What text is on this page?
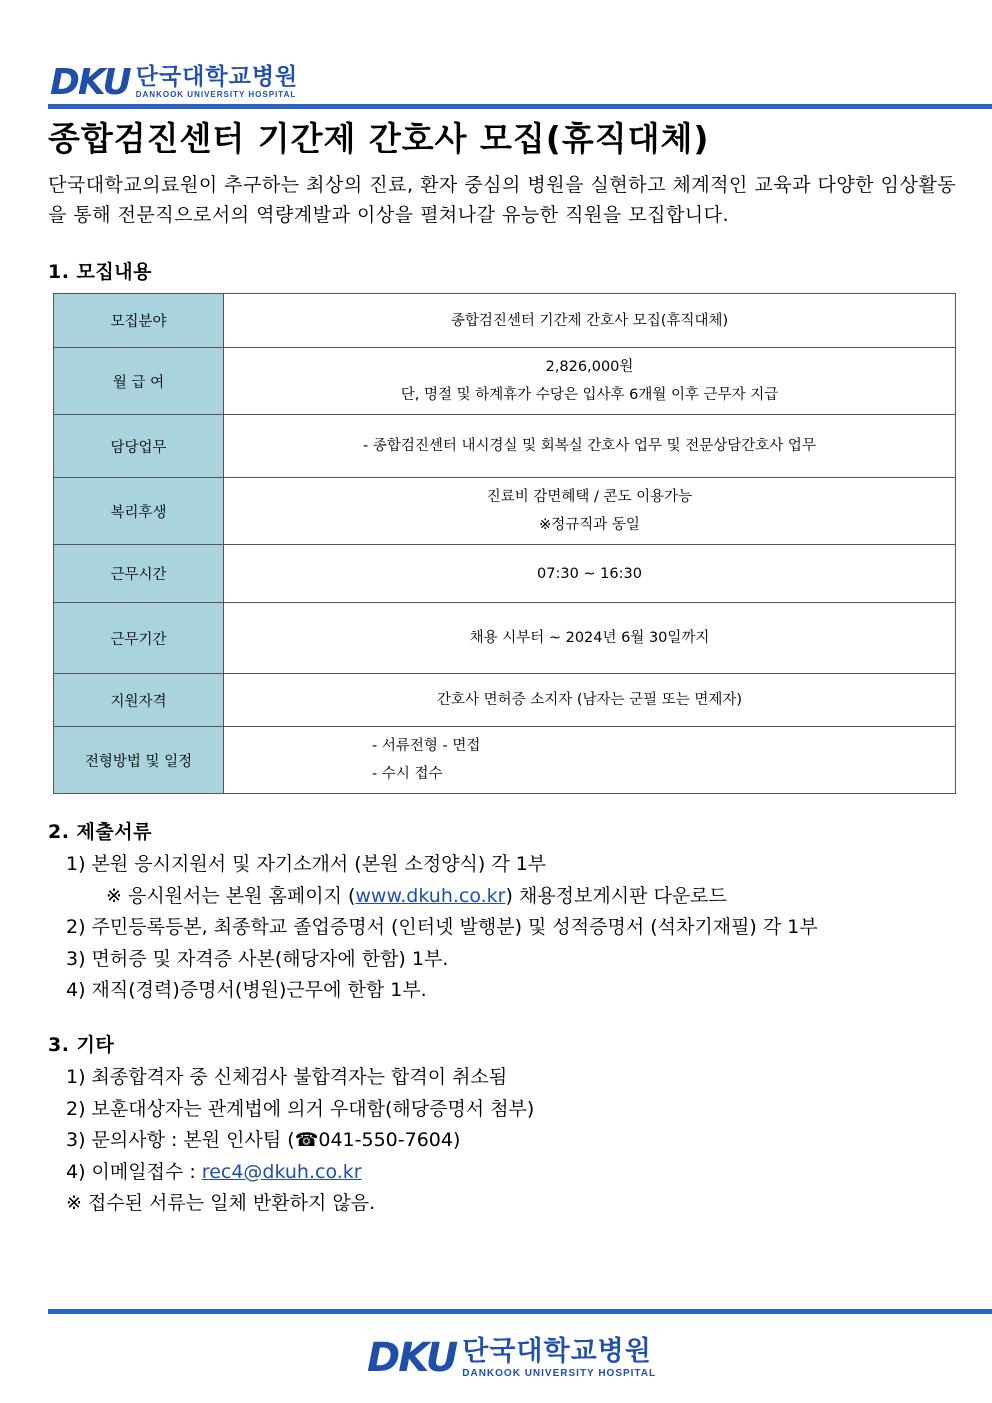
DKU 단국대학교병원
DANKOOK UNIVERSITY HOSPITAL
종합검진센터 기간제 간호사 모집(휴직대체)

단국대학교의료원이 추구하는 최상의 진료, 환자 중심의 병원을 실현하고 체계적인 교육과 다양한 임상활동을 통해 전문직으로서의 역량계발과 이상을 펼쳐나갈 유능한 직원을 모집합니다.

1. 모집내용
모집분야	종합검진센터 기간제 간호사 모집(휴직대체)

월 급 여	2,826,000원
단, 명절 및 하계휴가 수당은 입사후 6개월 이후 근무자 지급

담당업무	- 종합검진센터 내시경실 및 회복실 간호사 업무 및 전문상담간호사 업무

복리후생	진료비 감면혜택 / 콘도 이용가능
※정규직과 동일

근무시간	07:30 ~ 16:30

근무기간	채용 시부터 ~ 2024년 6월 30일까지

지원자격	간호사 면허증 소지자 (남자는 군필 또는 면제자)

전형방법 및 일정	- 서류전형 - 면접
- 수시 접수
2. 제출서류
1) 본원 응시지원서 및 자기소개서 (본원 소정양식) 각 1부
※ 응시원서는 본원 홈페이지 (www.dkuh.co.kr) 채용정보게시판 다운로드
2) 주민등록등본, 최종학교 졸업증명서 (인터넷 발행분) 및 성적증명서 (석차기재필) 각 1부
3) 면허증 및 자격증 사본(해당자에 한함) 1부.
4) 재직(경력)증명서(병원)근무에 한함 1부.
3. 기타
1) 최종합격자 중 신체검사 불합격자는 합격이 취소됨
2) 보훈대상자는 관계법에 의거 우대함(해당증명서 첨부)
3) 문의사항 : 본원 인사팀 (☎041-550-7604)
4) 이메일접수 : rec4@dkuh.co.kr
※ 접수된 서류는 일체 반환하지 않음.
DKU 단국대학교병원
DANKOOK UNIVERSITY HOSPITAL
